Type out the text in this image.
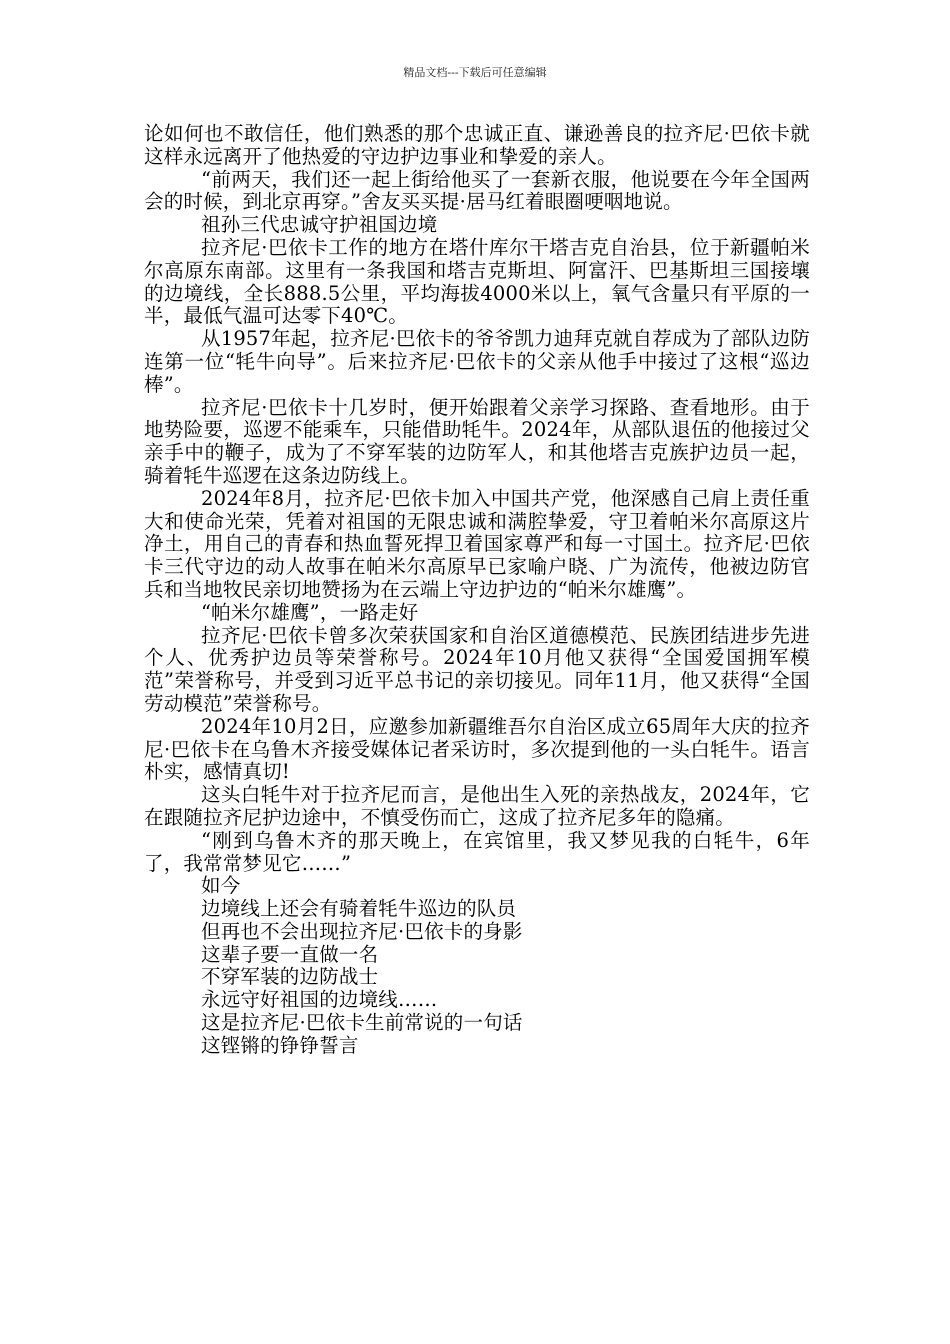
精品文档---下载后可任意编辑

论如何也不敢信任，他们熟悉的那个忠诚正直、谦逊善良的拉齐尼·巴依卡就这样永远离开了他热爱的守边护边事业和挚爱的亲人。

“前两天，我们还一起上街给他买了一套新衣服，他说要在今年全国两会的时候，到北京再穿。”舍友买买提·居马红着眼圈哽咽地说。

祖孙三代忠诚守护祖国边境

拉齐尼·巴依卡工作的地方在塔什库尔干塔吉克自治县，位于新疆帕米尔高原东南部。这里有一条我国和塔吉克斯坦、阿富汗、巴基斯坦三国接壤的边境线，全长888.5公里，平均海拔4000米以上，氧气含量只有平原的一半，最低气温可达零下40℃。

从1957年起，拉齐尼·巴依卡的爷爷凯力迪拜克就自荐成为了部队边防连第一位“牦牛向导”。后来拉齐尼·巴依卡的父亲从他手中接过了这根“巡边棒”。

拉齐尼·巴依卡十几岁时，便开始跟着父亲学习探路、查看地形。由于地势险要，巡逻不能乘车，只能借助牦牛。2024年，从部队退伍的他接过父亲手中的鞭子，成为了不穿军装的边防军人，和其他塔吉克族护边员一起，骑着牦牛巡逻在这条边防线上。

2024年8月，拉齐尼·巴依卡加入中国共产党，他深感自己肩上责任重大和使命光荣，凭着对祖国的无限忠诚和满腔挚爱，守卫着帕米尔高原这片净土，用自己的青春和热血誓死捍卫着国家尊严和每一寸国土。拉齐尼·巴依卡三代守边的动人故事在帕米尔高原早已家喻户晓、广为流传，他被边防官兵和当地牧民亲切地赞扬为在云端上守边护边的“帕米尔雄鹰”。

“帕米尔雄鹰”，一路走好

拉齐尼·巴依卡曾多次荣获国家和自治区道德模范、民族团结进步先进个人、优秀护边员等荣誉称号。2024年10月他又获得“全国爱国拥军模范”荣誉称号，并受到习近平总书记的亲切接见。同年11月，他又获得“全国劳动模范”荣誉称号。

2024年10月2日，应邀参加新疆维吾尔自治区成立65周年大庆的拉齐尼·巴依卡在乌鲁木齐接受媒体记者采访时，多次提到他的一头白牦牛。语言朴实，感情真切!

这头白牦牛对于拉齐尼而言，是他出生入死的亲热战友，2024年，它在跟随拉齐尼护边途中，不慎受伤而亡，这成了拉齐尼多年的隐痛。

“刚到乌鲁木齐的那天晚上，在宾馆里，我又梦见我的白牦牛，6年了，我常常梦见它……”

如今

边境线上还会有骑着牦牛巡边的队员

但再也不会出现拉齐尼·巴依卡的身影

这辈子要一直做一名

不穿军装的边防战士

永远守好祖国的边境线……

这是拉齐尼·巴依卡生前常说的一句话

这铿锵的铮铮誓言
